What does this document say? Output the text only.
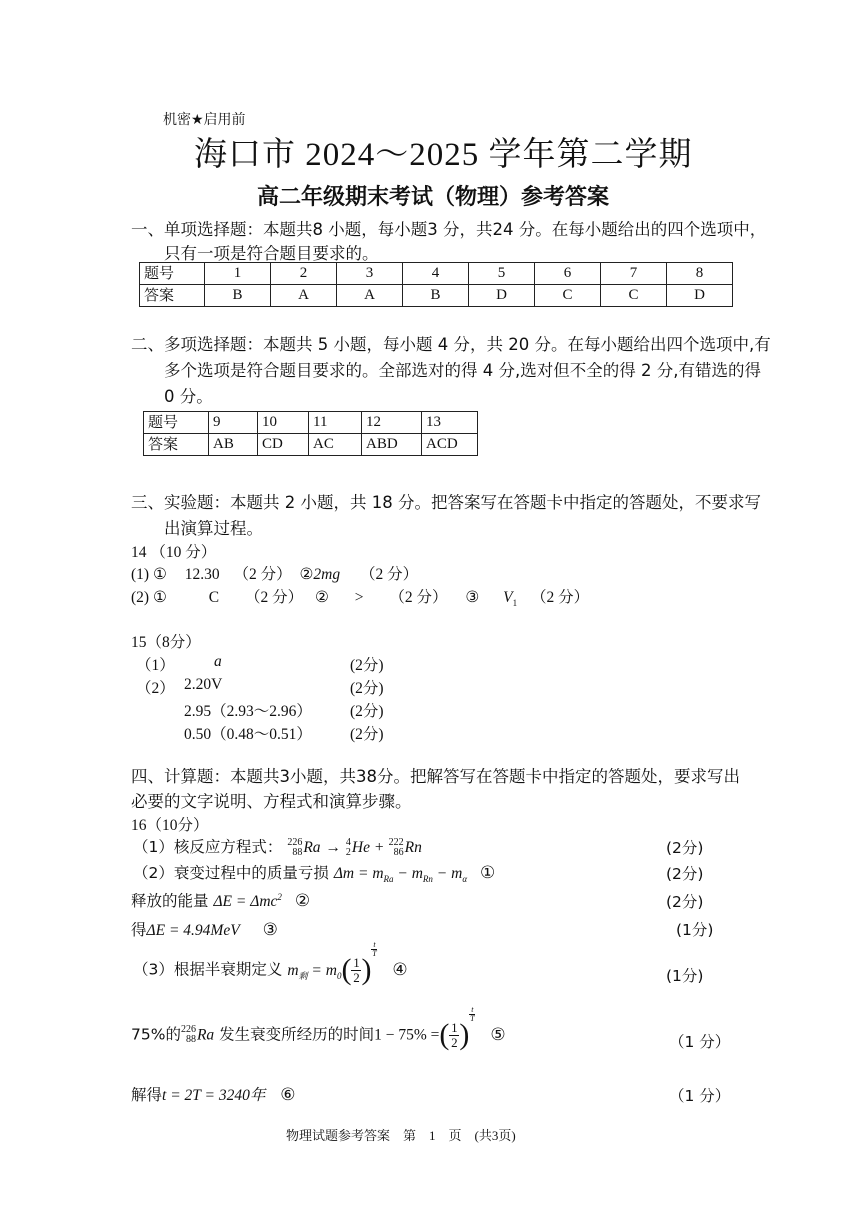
机密★启用前
海口市 2024～2025 学年第二学期
高二年级期末考试（物理）参考答案
一、单项选择题：本题共8 小题，每小题3 分，共24 分。在每小题给出的四个选项中，只有一项是符合题目要求的。
题号	1	2	3	4	5	6	7	8
答案	B	A	A	B	D	C	C	D
二、多项选择题：本题共 5 小题，每小题 4 分，共 20 分。在每小题给出四个选项中,有多个选项是符合题目要求的。全部选对的得 4 分,选对但不全的得 2 分,有错选的得 0 分。
题号	9	10	11	12	13
答案	AB	CD	AC	ABD	ACD
三、实验题：本题共 2 小题，共 18 分。把答案写在答题卡中指定的答题处，不要求写出演算过程。
14 （10 分）
(1) ① 12.30 （2 分） ②2mg （2 分）
(2) ①	C （2 分） ② > （2 分） ③ $V_1$ （2 分）
15（8分）
（1）	a	(2分)
（2） 2.20V	(2分)
2.95（2.93～2.96） (2分)
0.50（0.48～0.51） (2分)
四、计算题：本题共3小题，共38分。把解答写在答题卡中指定的答题处，要求写出必要的文字说明、方程式和演算步骤。
16（10分）
（1）核反应方程式： 226
88 Ra → 4
2 He + 222
86 Rn	(2分)
（2）衰变过程中的质量亏损 $\Delta m = m_{Ra} - m_{Rn} - m_\alpha$ ①	(2分)
释放的能量 ΔE = Δmc$^2$ ②	(2分)
得ΔE = 4.94MeV ③	(1分)
（3）根据半衰期定义 $m_剩 = m_0( \frac{1}{2}$ )
$\frac{t}{T}$
④	(1分)
75%的 226
88 Ra 发生衰变所经历的时间1 − 75% =( $\frac{1}{2}$ )
$\frac{t}{T}$
⑤	（1 分）
解得t = 2T = 3240年 ⑥	（1 分）
物理试题参考答案　第　1　页　(共3页)
